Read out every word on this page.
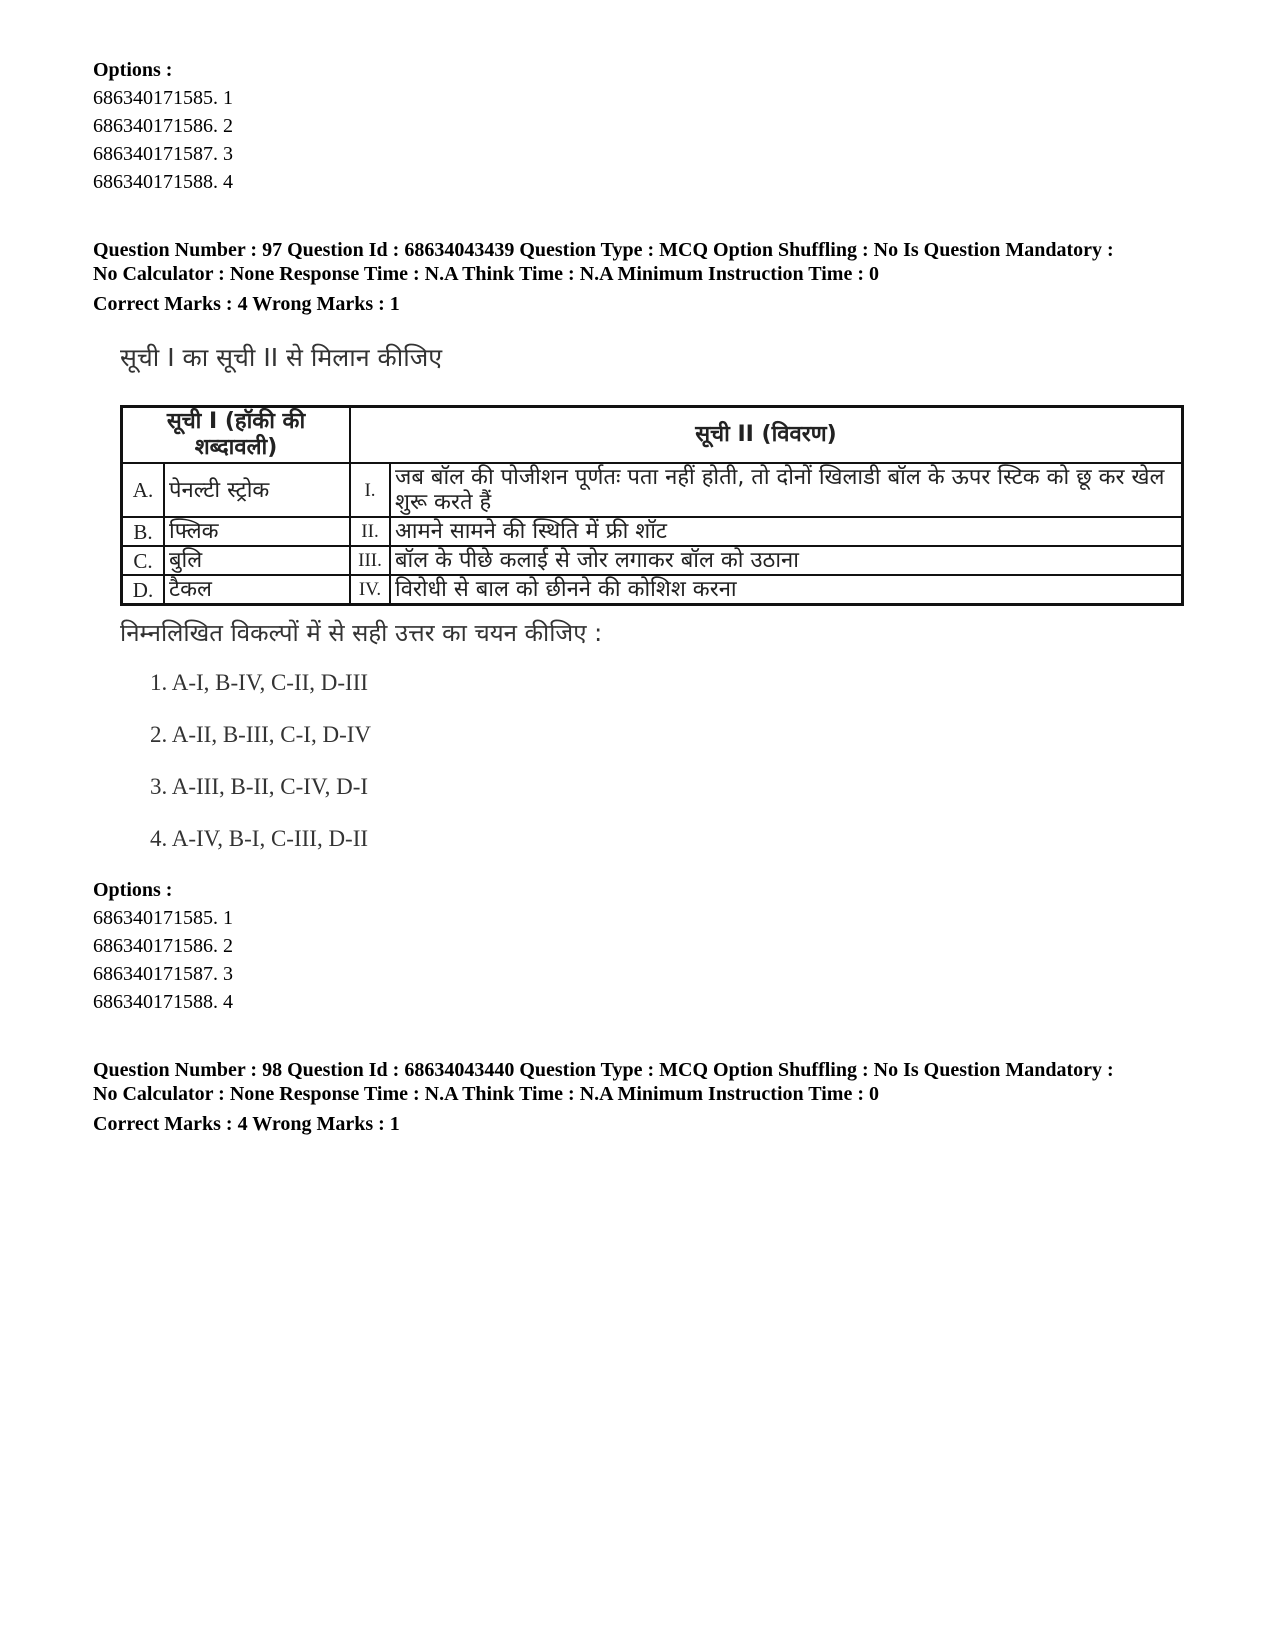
Options :
686340171585. 1
686340171586. 2
686340171587. 3
686340171588. 4
Question Number : 97 Question Id : 68634043439 Question Type : MCQ Option Shuffling : No Is Question Mandatory :
No Calculator : None Response Time : N.A Think Time : N.A Minimum Instruction Time : 0
Correct Marks : 4 Wrong Marks : 1
सूची I का सूची II से मिलान कीजिए
सूची I (हॉकी की शब्दावली)		सूची II (विवरण)	
A.	पेनल्टी स्ट्रोक	I.	जब बॉल की पोजीशन पूर्णतः पता नहीं होती, तो दोनों खिलाडी बॉल के ऊपर स्टिक को छू कर खेल शुरू करते हैं
B.	फ्लिक	II.	आमने सामने की स्थिति में फ्री शॉट
C.	बुलि	III.	बॉल के पीछे कलाई से जोर लगाकर बॉल को उठाना
D.	टैकल	IV.	विरोधी से बाल को छीनने की कोशिश करना
निम्नलिखित विकल्पों में से सही उत्तर का चयन कीजिए :
1. A-I, B-IV, C-II, D-III
2. A-II, B-III, C-I, D-IV
3. A-III, B-II, C-IV, D-I
4. A-IV, B-I, C-III, D-II
Options :
686340171585. 1
686340171586. 2
686340171587. 3
686340171588. 4
Question Number : 98 Question Id : 68634043440 Question Type : MCQ Option Shuffling : No Is Question Mandatory :
No Calculator : None Response Time : N.A Think Time : N.A Minimum Instruction Time : 0
Correct Marks : 4 Wrong Marks : 1
